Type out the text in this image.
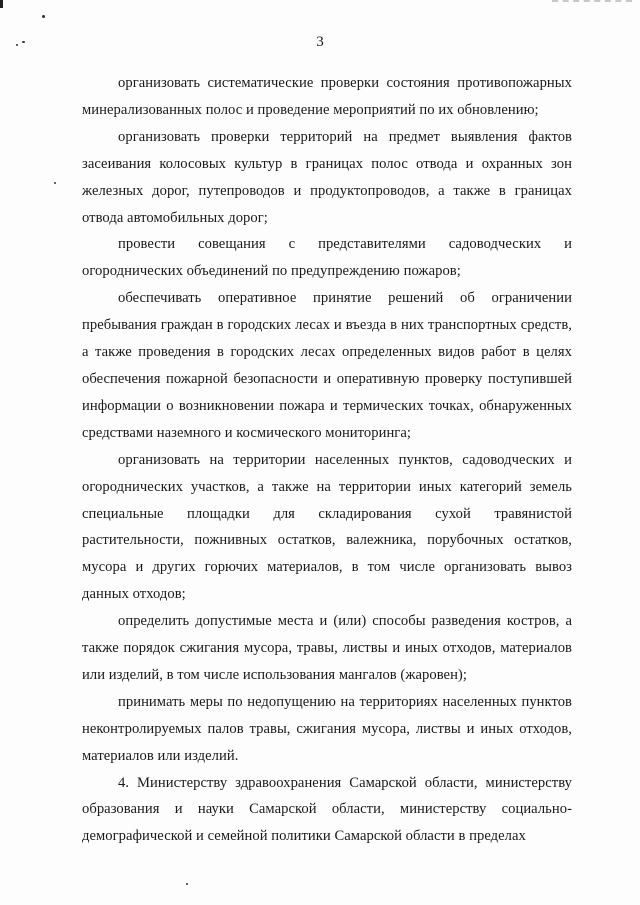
3

организовать систематические проверки состояния противопожарных минерализованных полос и проведение мероприятий по их обновлению;

организовать проверки территорий на предмет выявления фактов засеивания колосовых культур в границах полос отвода и охранных зон железных дорог, путепроводов и продуктопроводов, а также в границах отвода автомобильных дорог;

провести совещания с представителями садоводческих и огороднических объединений по предупреждению пожаров;

обеспечивать оперативное принятие решений об ограничении пребывания граждан в городских лесах и въезда в них транспортных средств, а также проведения в городских лесах определенных видов работ в целях обеспечения пожарной безопасности и оперативную проверку поступившей информации о возникновении пожара и термических точках, обнаруженных средствами наземного и космического мониторинга;

организовать на территории населенных пунктов, садоводческих и огороднических участков, а также на территории иных категорий земель специальные площадки для складирования сухой травянистой растительности, пожнивных остатков, валежника, порубочных остатков, мусора и других горючих материалов, в том числе организовать вывоз данных отходов;

определить допустимые места и (или) способы разведения костров, а также порядок сжигания мусора, травы, листвы и иных отходов, материалов или изделий, в том числе использования мангалов (жаровен);

принимать меры по недопущению на территориях населенных пунктов неконтролируемых палов травы, сжигания мусора, листвы и иных отходов, материалов или изделий.

4. Министерству здравоохранения Самарской области, министерству образования и науки Самарской области, министерству социально-демографической и семейной политики Самарской области в пределах
